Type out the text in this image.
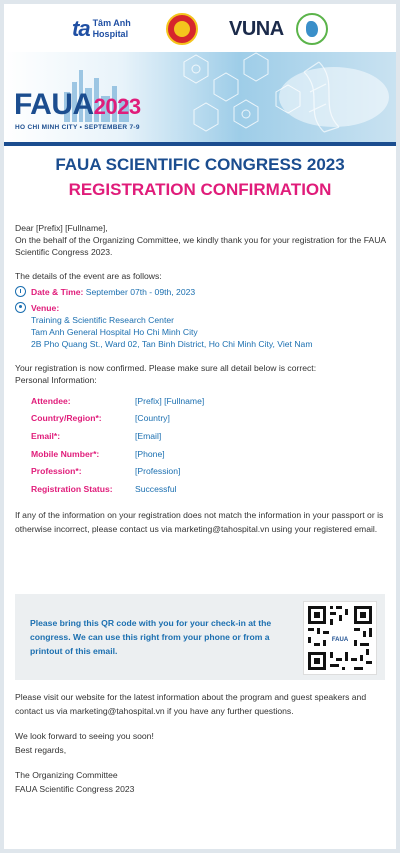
ta Tâm Anh
Hospital	VUNA
FAUA2023
HO CHI MINH CITY • SEPTEMBER 7-9
FAUA SCIENTIFIC CONGRESS 2023
REGISTRATION CONFIRMATION
Dear [Prefix] [Fullname],
On the behalf of the Organizing Committee, we kindly thank you for your registration for the FAUA Scientific Congress 2023.
The details of the event are as follows:
Date & Time: September 07th - 09th, 2023
Venue:
Training & Scientific Research Center
Tam Anh General Hospital Ho Chi Minh City
2B Pho Quang St., Ward 02, Tan Binh District, Ho Chi Minh City, Viet Nam
Your registration is now confirmed. Please make sure all detail below is correct:
Personal Information:
Attendee:	[Prefix] [Fullname]
Country/Region*:	[Country]
Email*:	[Email]
Mobile Number*:	[Phone]
Profession*:	[Profession]
Registration Status:	Successful
If any of the information on your registration does not match the information in your passport or is otherwise incorrect, please contact us via marketing@tahospital.vn using your registered email.
Please bring this QR code with you for your check-in at the congress. We can use this right from your phone or from a printout of this email.
FAUA
Please visit our website for the latest information about the program and guest speakers and contact us via marketing@tahospital.vn if you have any further questions.
We look forward to seeing you soon!
Best regards,
The Organizing Committee
FAUA Scientific Congress 2023
